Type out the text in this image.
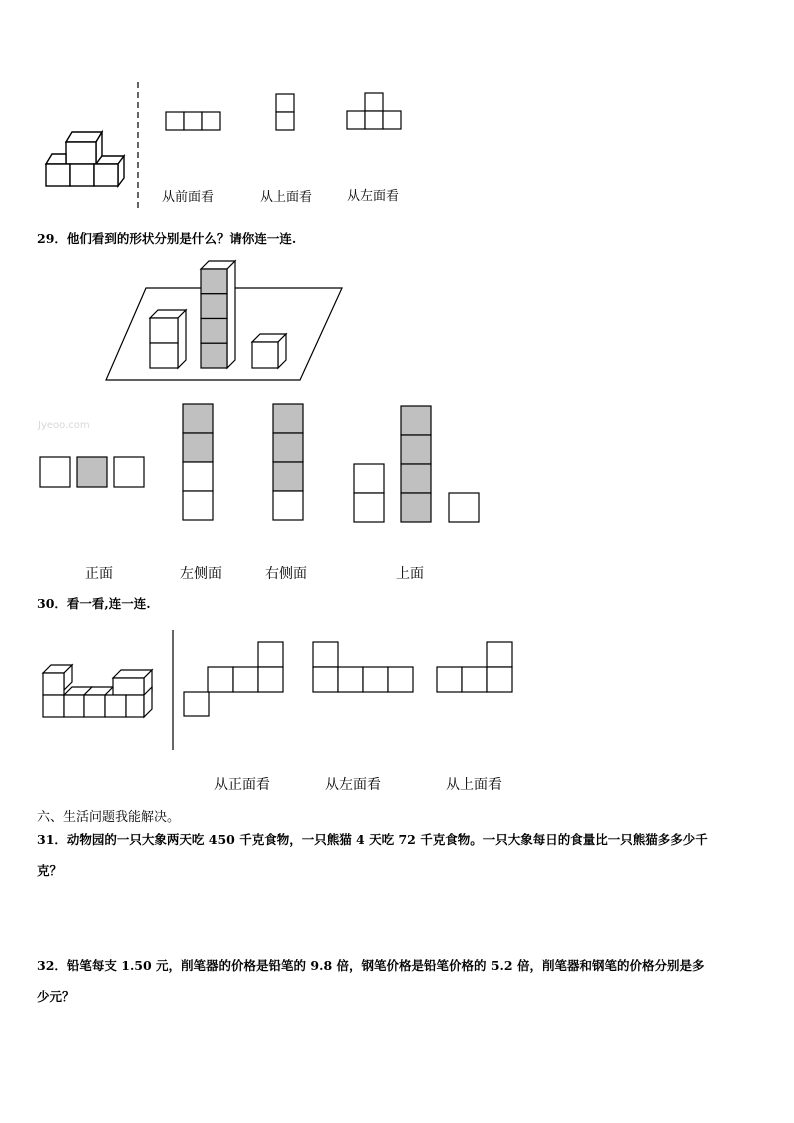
从前面看	从上面看	从左面看
29．他们看到的形状分别是什么？请你连一连.
Jyeoo.com
正面	左侧面	右侧面	上面
30．看一看,连一连.
从正面看	从左面看	从上面看
六、生活问题我能解决。
31．动物园的一只大象两天吃 450 千克食物，一只熊猫 4 天吃 72 千克食物。一只大象每日的食量比一只熊猫多多少千
克？
32．铅笔每支 1.50 元，削笔器的价格是铅笔的 9.8 倍，钢笔价格是铅笔价格的 5.2 倍，削笔器和钢笔的价格分别是多
少元？
